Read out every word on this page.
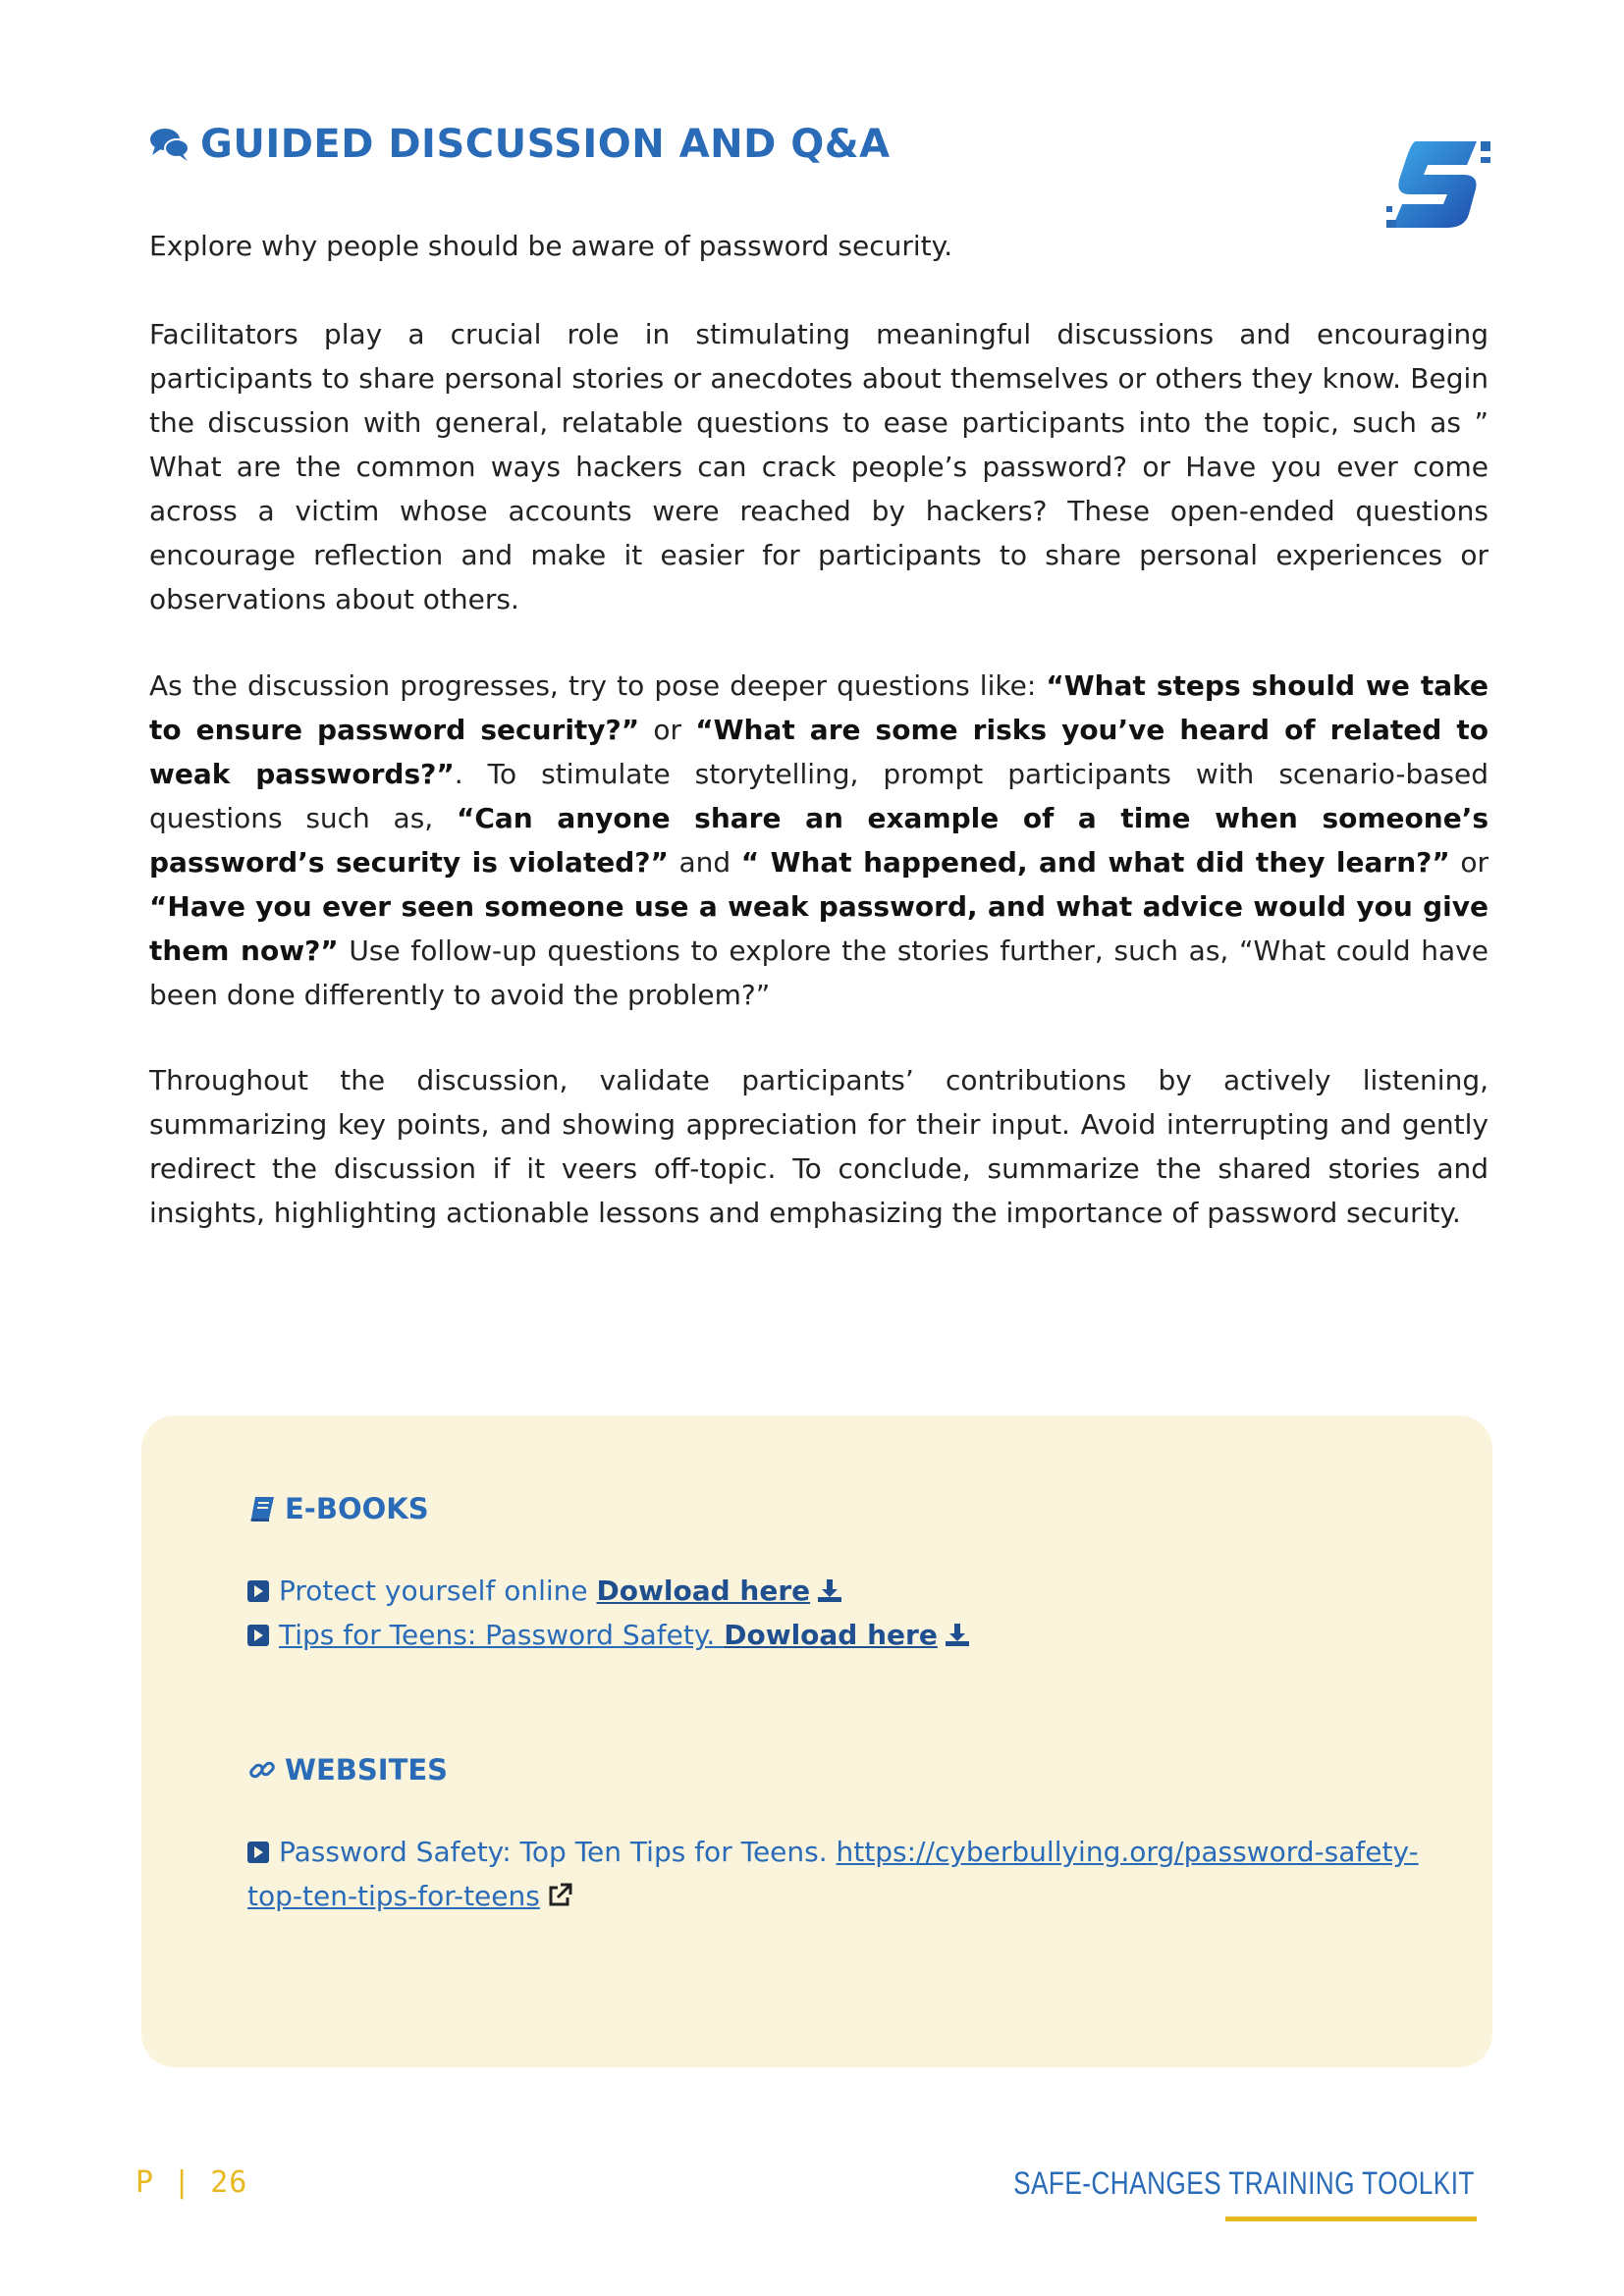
GUIDED DISCUSSION AND Q&A
Explore why people should be aware of password security.
Facilitators play a crucial role in stimulating meaningful discussions and encouraging participants to share personal stories or anecdotes about themselves or others they know. Begin the discussion with general, relatable questions to ease participants into the topic, such as ” What are the common ways hackers can crack people’s password? or Have you ever come across a victim whose accounts were reached by hackers? These open-ended questions encourage reflection and make it easier for participants to share personal experiences or observations about others.
As the discussion progresses, try to pose deeper questions like: “What steps should we take to ensure password security?” or “What are some risks you’ve heard of related to weak passwords?”. To stimulate storytelling, prompt participants with scenario-based questions such as, “Can anyone share an example of a time when someone’s password’s security is violated?” and “ What happened, and what did they learn?” or “Have you ever seen someone use a weak password, and what advice would you give them now?” Use follow-up questions to explore the stories further, such as, “What could have been done differently to avoid the problem?”
Throughout the discussion, validate participants’ contributions by actively listening, summarizing key points, and showing appreciation for their input. Avoid interrupting and gently redirect the discussion if it veers off-topic. To conclude, summarize the shared stories and insights, highlighting actionable lessons and emphasizing the importance of password security.
E-BOOKS
Protect yourself online Dowload here
Tips for Teens: Password Safety. Dowload here
WEBSITES
Password Safety: Top Ten Tips for Teens. https://cyberbullying.org/password-safety-top-ten-tips-for-teens
P | 26	SAFE-CHANGES TRAINING TOOLKIT
